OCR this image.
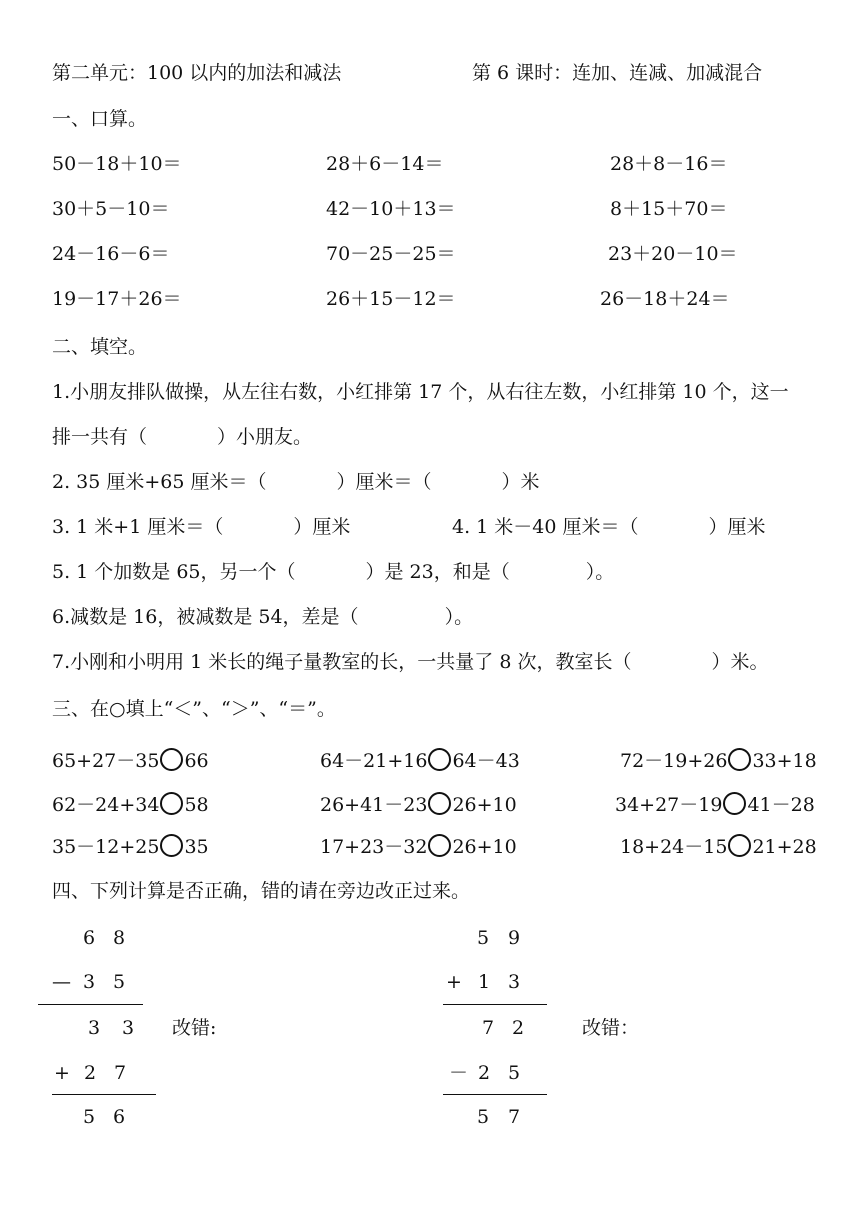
第二单元：100 以内的加法和减法	第 6 课时：连加、连减、加减混合
一、口算。
50－18＋10＝	28＋6－14＝	28＋8－16＝
30＋5－10＝	42－10＋13＝	8＋15＋70＝
24－16－6＝	70－25－25＝	23＋20－10＝
19－17＋26＝	26＋15－12＝	26－18＋24＝
二、填空。
1.小朋友排队做操，从左往右数，小红排第 17 个，从右往左数，小红排第 10 个，这一
排一共有（	）小朋友。
2. 35 厘米+65 厘米＝（	）厘米＝（	）米
3. 1 米+1 厘米＝（	）厘米	4. 1 米－40 厘米＝（	）厘米
5. 1 个加数是 65，另一个（	）是 23，和是（	）。
6.减数是 16，被减数是 54，差是（	）。
7.小刚和小明用 1 米长的绳子量教室的长，一共量了 8 次，教室长（	）米。
三、在○填上“＜”、“＞”、“＝”。
65+27－35 66	64－21+16 64－43	72－19+26 33+18
62－24+34 58	26+41－23 26+10	34+27－19 41－28
35－12+25 35	17+23－32 26+10	18+24－15 21+28
四、下列计算是否正确，错的请在旁边改正过来。
6 8
— 3 5
3 3 改错:
+ 2 7
5 6
5 9
+ 1 3
7 2	改错：
－ 2 5
5 7
